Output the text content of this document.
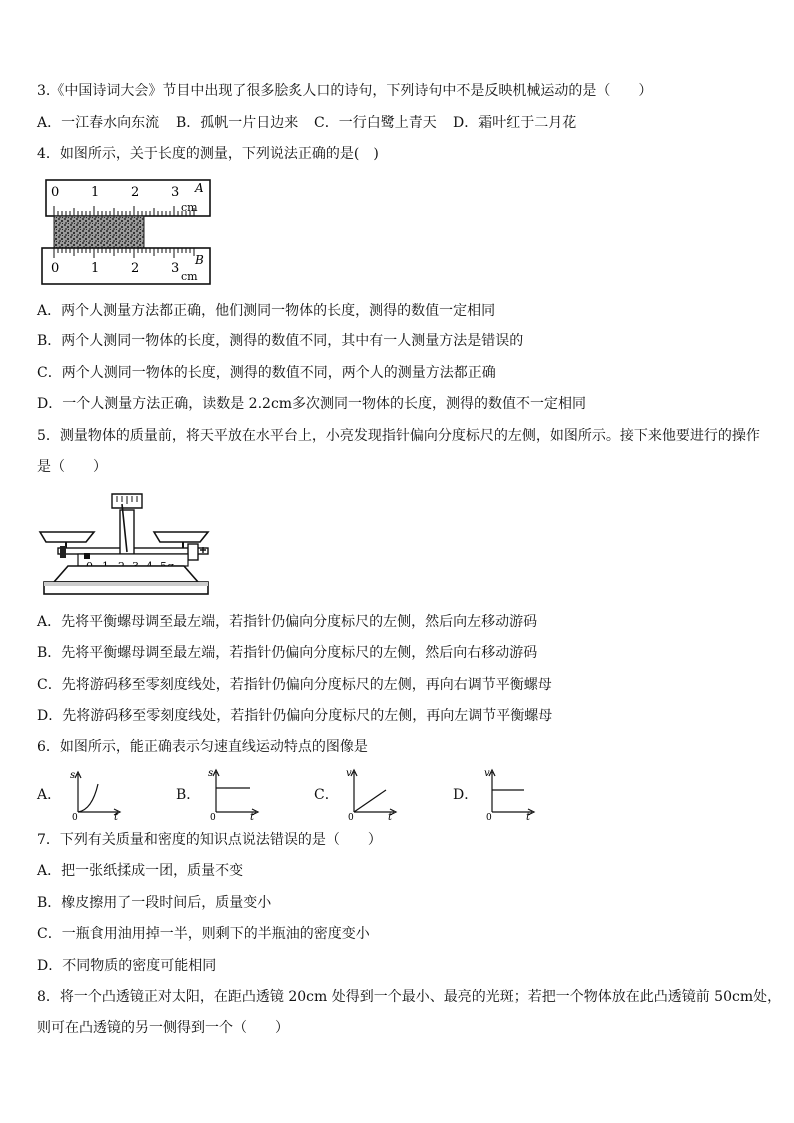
3.《中国诗词大会》节目中出现了很多脍炙人口的诗句，下列诗句中不是反映机械运动的是（　　）
A．一江春水向东流 B．孤帆一片日边来 C．一行白鹭上青天 D．霜叶红于二月花
4．如图所示，关于长度的测量，下列说法正确的是(　)
0 1 2 3 A
cm
0 1 2 3
B
cm
A．两个人测量方法都正确，他们测同一物体的长度，测得的数值一定相同
B．两个人测同一物体的长度，测得的数值不同，其中有一人测量方法是错误的
C．两个人测同一物体的长度，测得的数值不同，两个人的测量方法都正确
D．一个人测量方法正确，读数是 2.2cm多次测同一物体的长度，测得的数值不一定相同
5．测量物体的质量前，将天平放在水平台上，小亮发现指针偏向分度标尺的左侧，如图所示。接下来他要进行的操作
是（　　）
A．先将平衡螺母调至最左端，若指针仍偏向分度标尺的左侧，然后向左移动游码
B．先将平衡螺母调至最左端，若指针仍偏向分度标尺的左侧，然后向右移动游码
C．先将游码移至零刻度线处，若指针仍偏向分度标尺的左侧，再向右调节平衡螺母
D．先将游码移至零刻度线处，若指针仍偏向分度标尺的左侧，再向左调节平衡螺母
6．如图所示，能正确表示匀速直线运动特点的图像是
A．
s
t
0
B．
s
t
0
C．
v
t
0
D．
v
t
0
7．下列有关质量和密度的知识点说法错误的是（　　）
A．把一张纸揉成一团，质量不变
B．橡皮擦用了一段时间后，质量变小
C．一瓶食用油用掉一半，则剩下的半瓶油的密度变小
D．不同物质的密度可能相同
8．将一个凸透镜正对太阳，在距凸透镜 20cm 处得到一个最小、最亮的光斑；若把一个物体放在此凸透镜前 50cm处，
则可在凸透镜的另一侧得到一个（　　）
